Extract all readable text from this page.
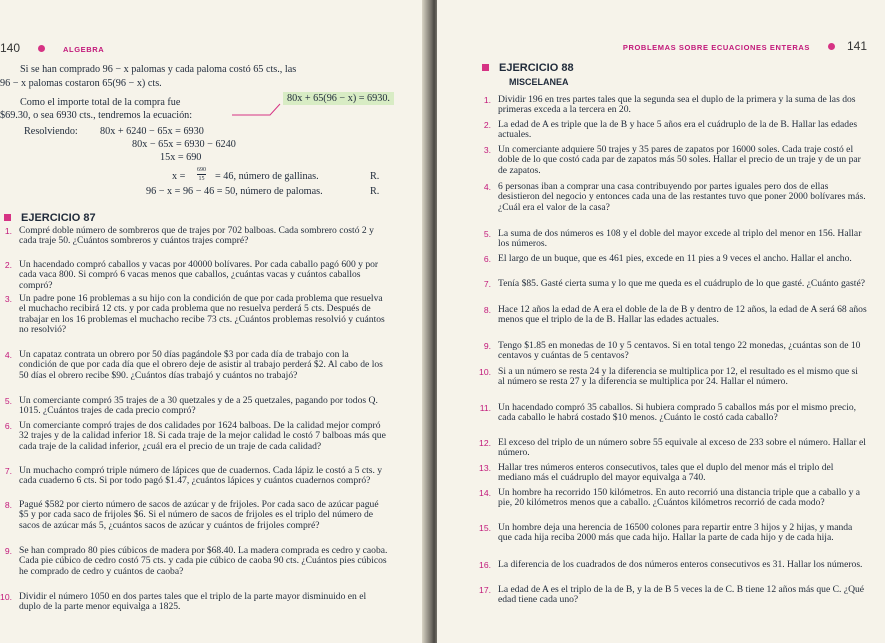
140	ALGEBRA
Si se han comprado 96 − x palomas y cada paloma costó 65 cts., las
96 − x palomas costaron 65(96 − x) cts.
Como el importe total de la compra fue
$69.30, o sea 6930 cts., tendremos la ecuación:
80x + 65(96 − x) = 6930.
Resolviendo: 80x + 6240 − 65x = 6930
80x − 65x = 6930 − 6240
15x = 690
$x = \frac{690}{15} = 46$, número de gallinas.	R.
96 − x = 96 − 46 = 50, número de palomas.	R.
EJERCICIO 87
1. Compré doble número de sombreros que de trajes por 702 balboas. Cada sombrero costó 2 y cada traje 50. ¿Cuántos sombreros y cuántos trajes compré?
2. Un hacendado compró caballos y vacas por 40000 bolívares. Por cada caballo pagó 600 y por cada vaca 800. Si compró 6 vacas menos que caballos, ¿cuántas vacas y cuántos caballos compró?
3. Un padre pone 16 problemas a su hijo con la condición de que por cada problema que resuelva el muchacho recibirá 12 cts. y por cada problema que no resuelva perderá 5 cts. Después de trabajar en los 16 problemas el muchacho recibe 73 cts. ¿Cuántos problemas resolvió y cuántos no resolvió?
4. Un capataz contrata un obrero por 50 días pagándole $3 por cada día de trabajo con la condición de que por cada día que el obrero deje de asistir al trabajo perderá $2. Al cabo de los 50 días el obrero recibe $90. ¿Cuántos días trabajó y cuántos no trabajó?
5. Un comerciante compró 35 trajes de a 30 quetzales y de a 25 quetzales, pagando por todos Q. 1015. ¿Cuántos trajes de cada precio compró?
6. Un comerciante compró trajes de dos calidades por 1624 balboas. De la calidad mejor compró 32 trajes y de la calidad inferior 18. Si cada traje de la mejor calidad le costó 7 balboas más que cada traje de la calidad inferior, ¿cuál era el precio de un traje de cada calidad?
7. Un muchacho compró triple número de lápices que de cuadernos. Cada lápiz le costó a 5 cts. y cada cuaderno 6 cts. Si por todo pagó $1.47, ¿cuántos lápices y cuántos cuadernos compró?
8. Pagué $582 por cierto número de sacos de azúcar y de frijoles. Por cada saco de azúcar pagué $5 y por cada saco de frijoles $6. Si el número de sacos de frijoles es el triplo del número de sacos de azúcar más 5, ¿cuántos sacos de azúcar y cuántos de frijoles compré?
9. Se han comprado 80 pies cúbicos de madera por $68.40. La madera comprada es cedro y caoba. Cada pie cúbico de cedro costó 75 cts. y cada pie cúbico de caoba 90 cts. ¿Cuántos pies cúbicos he comprado de cedro y cuántos de caoba?
10. Dividir el número 1050 en dos partes tales que el triplo de la parte mayor disminuido en el duplo de la parte menor equivalga a 1825.
PROBLEMAS SOBRE ECUACIONES ENTERAS	141
EJERCICIO 88
MISCELANEA
1. Dividir 196 en tres partes tales que la segunda sea el duplo de la primera y la suma de las dos primeras exceda a la tercera en 20.
2. La edad de A es triple que la de B y hace 5 años era el cuádruplo de la de B. Hallar las edades actuales.
3. Un comerciante adquiere 50 trajes y 35 pares de zapatos por 16000 soles. Cada traje costó el doble de lo que costó cada par de zapatos más 50 soles. Hallar el precio de un traje y de un par de zapatos.
4. 6 personas iban a comprar una casa contribuyendo por partes iguales pero dos de ellas desistieron del negocio y entonces cada una de las restantes tuvo que poner 2000 bolívares más. ¿Cuál era el valor de la casa?
5. La suma de dos números es 108 y el doble del mayor excede al triplo del menor en 156. Hallar los números.
6. El largo de un buque, que es 461 pies, excede en 11 pies a 9 veces el ancho. Hallar el ancho.
7. Tenía $85. Gasté cierta suma y lo que me queda es el cuádruplo de lo que gasté. ¿Cuánto gasté?
8. Hace 12 años la edad de A era el doble de la de B y dentro de 12 años, la edad de A será 68 años menos que el triplo de la de B. Hallar las edades actuales.
9. Tengo $1.85 en monedas de 10 y 5 centavos. Si en total tengo 22 monedas, ¿cuántas son de 10 centavos y cuántas de 5 centavos?
10. Si a un número se resta 24 y la diferencia se multiplica por 12, el resultado es el mismo que si al número se resta 27 y la diferencia se multiplica por 24. Hallar el número.
11. Un hacendado compró 35 caballos. Si hubiera comprado 5 caballos más por el mismo precio, cada caballo le habrá costado $10 menos. ¿Cuánto le costó cada caballo?
12. El exceso del triplo de un número sobre 55 equivale al exceso de 233 sobre el número. Hallar el número.
13. Hallar tres números enteros consecutivos, tales que el duplo del menor más el triplo del mediano más el cuádruplo del mayor equivalga a 740.
14. Un hombre ha recorrido 150 kilómetros. En auto recorrió una distancia triple que a caballo y a pie, 20 kilómetros menos que a caballo. ¿Cuántos kilómetros recorrió de cada modo?
15. Un hombre deja una herencia de 16500 colones para repartir entre 3 hijos y 2 hijas, y manda que cada hija reciba 2000 más que cada hijo. Hallar la parte de cada hijo y de cada hija.
16. La diferencia de los cuadrados de dos números enteros consecutivos es 31. Hallar los números.
17. La edad de A es el triplo de la de B, y la de B 5 veces la de C. B tiene 12 años más que C. ¿Qué edad tiene cada uno?
